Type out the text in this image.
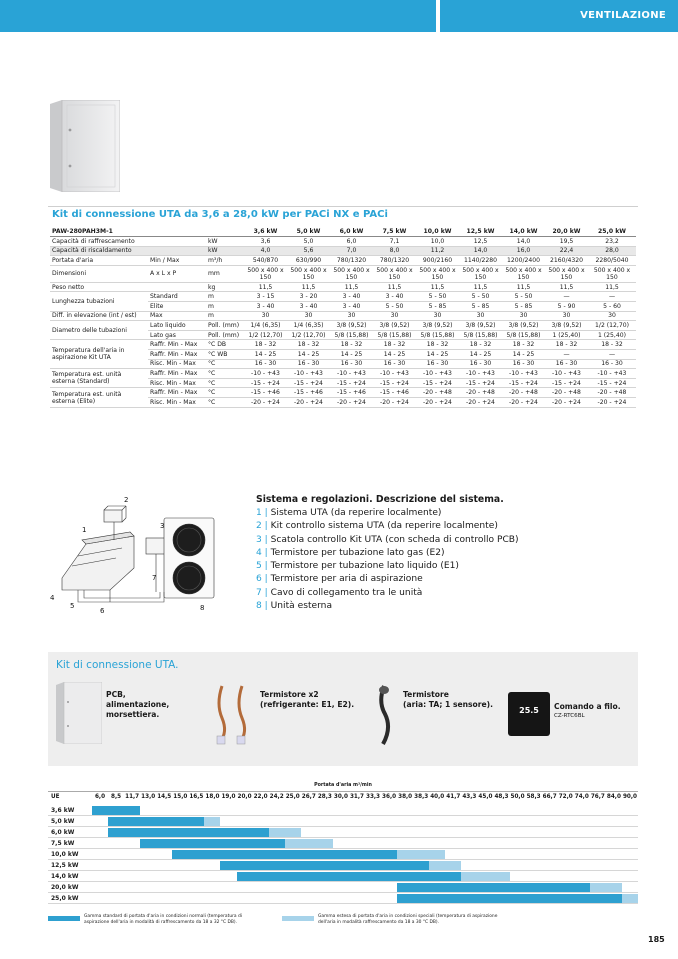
VENTILAZIONE
Kit di connessione UTA da 3,6 a 28,0 kW per PACi NX e PACi
PAW-280PAH3M-1			3,6 kW	5,0 kW	6,0 kW	7,5 kW	10,0 kW	12,5 kW	14,0 kW	20,0 kW	25,0 kW
Capacità di raffrescamento		kW	3,6	5,0	6,0	7,1	10,0	12,5	14,0	19,5	23,2
Capacità di riscaldamento		kW	4,0	5,6	7,0	8,0	11,2	14,0	16,0	22,4	28,0
Portata d'aria	Min / Max	m³/h	540/870	630/990	780/1320	780/1320	900/2160	1140/2280	1200/2400	2160/4320	2280/5040
Dimensioni	A x L x P	mm	500 x 400 x 150	500 x 400 x 150	500 x 400 x 150	500 x 400 x 150	500 x 400 x 150	500 x 400 x 150	500 x 400 x 150	500 x 400 x 150	500 x 400 x 150
Peso netto		kg	11,5	11,5	11,5	11,5	11,5	11,5	11,5	11,5	11,5
Lunghezza tubazioni	Standard	m	3 - 15	3 - 20	3 - 40	3 - 40	5 - 50	5 - 50	5 - 50	—	—
	Elite	m	3 - 40	3 - 40	3 - 40	5 - 50	5 - 85	5 - 85	5 - 85	5 - 90	5 - 60
Diff. in elevazione (int / est)	Max	m	30	30	30	30	30	30	30	30	30
Diametro delle tubazioni	Lato liquido	Poll. (mm)	1/4 (6,35)	1/4 (6,35)	3/8 (9,52)	3/8 (9,52)	3/8 (9,52)	3/8 (9,52)	3/8 (9,52)	3/8 (9,52)	1/2 (12,70)
	Lato gas	Poll. (mm)	1/2 (12,70)	1/2 (12,70)	5/8 (15,88)	5/8 (15,88)	5/8 (15,88)	5/8 (15,88)	5/8 (15,88)	1 (25,40)	1 (25,40)
Temperatura dell'aria in aspirazione Kit UTA	Raffr. Min - Max	°C DB	18 - 32	18 - 32	18 - 32	18 - 32	18 - 32	18 - 32	18 - 32	18 - 32	18 - 32
	Raffr. Min - Max	°C WB	14 - 25	14 - 25	14 - 25	14 - 25	14 - 25	14 - 25	14 - 25	—	—
	Risc. Min - Max	°C	16 - 30	16 - 30	16 - 30	16 - 30	16 - 30	16 - 30	16 - 30	16 - 30	16 - 30
Temperatura est. unità esterna (Standard)	Raffr. Min - Max	°C	-10 - +43	-10 - +43	-10 - +43	-10 - +43	-10 - +43	-10 - +43	-10 - +43	-10 - +43	-10 - +43
	Risc. Min - Max	°C	-15 - +24	-15 - +24	-15 - +24	-15 - +24	-15 - +24	-15 - +24	-15 - +24	-15 - +24	-15 - +24
Temperatura est. unità esterna (Elite)	Raffr. Min - Max	°C	-15 - +46	-15 - +46	-15 - +46	-15 - +46	-20 - +48	-20 - +48	-20 - +48	-20 - +48	-20 - +48
	Risc. Min - Max	°C	-20 - +24	-20 - +24	-20 - +24	-20 - +24	-20 - +24	-20 - +24	-20 - +24	-20 - +24	-20 - +24
1
2
3
4
5
6
7
8
Sistema e regolazioni. Descrizione del sistema.
1 | Sistema UTA (da reperire localmente)
2 | Kit controllo sistema UTA (da reperire localmente)
3 | Scatola controllo Kit UTA (con scheda di controllo PCB)
4 | Termistore per tubazione lato gas (E2)
5 | Termistore per tubazione lato liquido (E1)
6 | Termistore per aria di aspirazione
7 | Cavo di collegamento tra le unità
8 | Unità esterna
Kit di connessione UTA.
PCB,
alimentazione,
morsettiera.
Termistore x2
(refrigerante: E1, E2).
Termistore
(aria: TA; 1 sensore).
25.5	Comando a filo.
CZ-RTC6BL
Portata d'aria m³/min
UE	6,0	8,5 11,7 13,0 14,5 15,0 16,5 18,0 19,0 20,0 22,0 24,2 25,0 26,7 28,3 30,0 31,7 33,3 36,0 38,0 38,3 40,0 41,7 43,3 45,0 48,3 50,0 58,3 66,7 72,0 74,0 76,7 84,0 90,0
3,6 kW
5,0 kW
6,0 kW
7,5 kW
10,0 kW
12,5 kW
14,0 kW
20,0 kW
25,0 kW
Gamma standard di portata d'aria in condizioni normali (temperatura di aspirazione dell'aria in modalità di raffrescamento da 18 a 32 °C DB).
Gamma estesa di portata d'aria in condizioni speciali (temperatura di aspirazione dell'aria in modalità raffrescamento da 18 a 30 °C DB).
185
